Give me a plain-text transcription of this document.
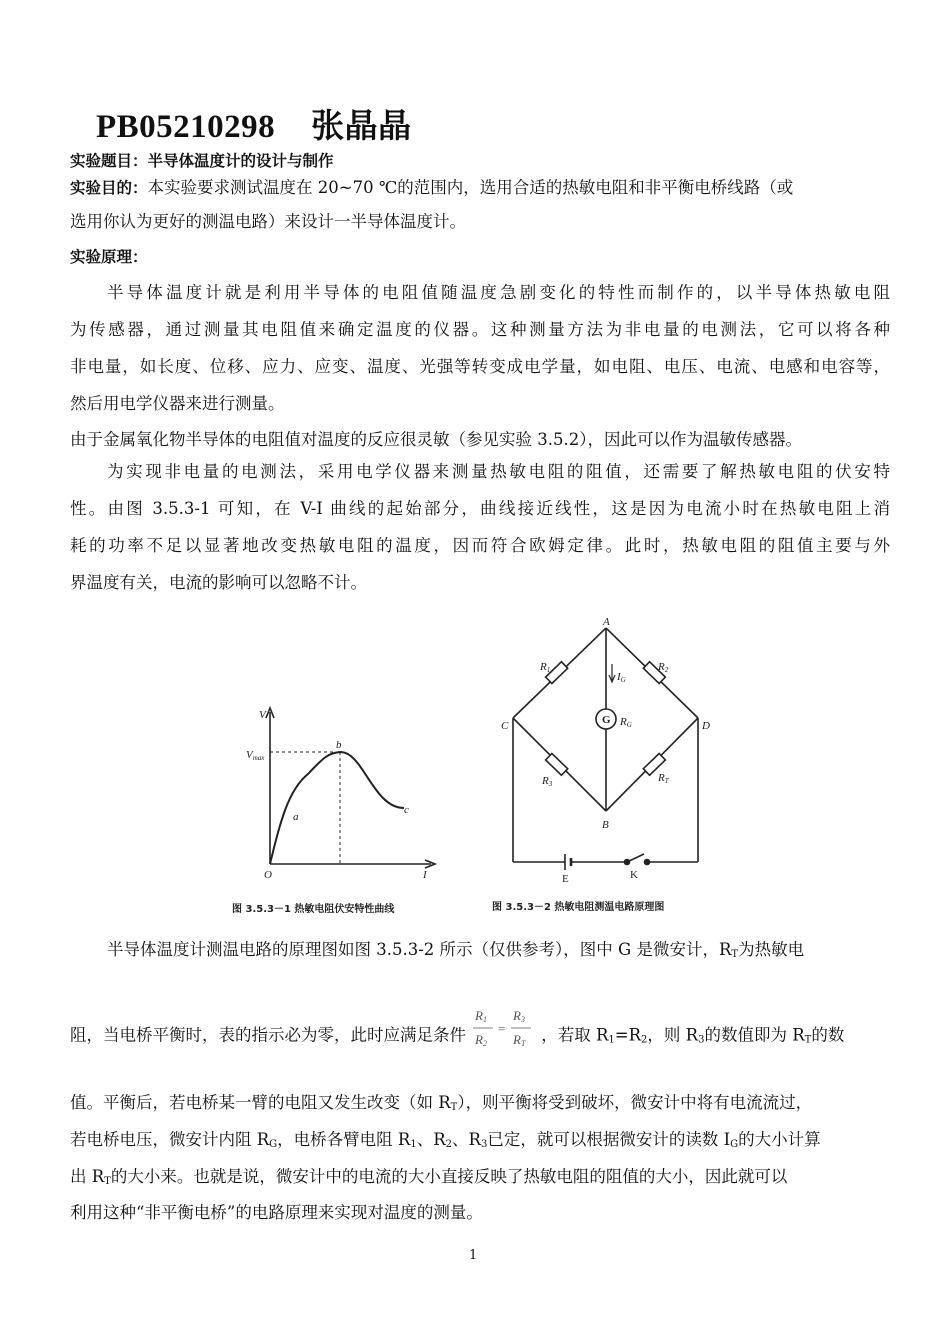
PB05210298 张晶晶
实验题目：半导体温度计的设计与制作
实验目的：本实验要求测试温度在 20~70 ℃的范围内，选用合适的热敏电阻和非平衡电桥线路（或
选用你认为更好的测温电路）来设计一半导体温度计。
实验原理：
半导体温度计就是利用半导体的电阻值随温度急剧变化的特性而制作的，以半导体热敏电阻
为传感器，通过测量其电阻值来确定温度的仪器。这种测量方法为非电量的电测法，它可以将各种
非电量，如长度、位移、应力、应变、温度、光强等转变成电学量，如电阻、电压、电流、电感和电容等，
然后用电学仪器来进行测量。
由于金属氧化物半导体的电阻值对温度的反应很灵敏（参见实验 3.5.2），因此可以作为温敏传感器。
为实现非电量的电测法，采用电学仪器来测量热敏电阻的阻值，还需要了解热敏电阻的伏安特
性。由图 3.5.3-1 可知，在 V-I 曲线的起始部分，曲线接近线性，这是因为电流小时在热敏电阻上消
耗的功率不足以显著地改变热敏电阻的温度，因而符合欧姆定律。此时，热敏电阻的阻值主要与外
界温度有关，电流的影响可以忽略不计。
V
Vmax
a
b
c
O	I
图 3.5.3－1 热敏电阻伏安特性曲线
A
B
C	D
R1	R2
R3	RT
IG
RG
G
E	K
图 3.5.3－2 热敏电阻测温电路原理图
半导体温度计测温电路的原理图如图 3.5.3-2 所示（仅供参考），图中 G 是微安计，$R_T$为热敏电
阻，当电桥平衡时，表的指示必为零，此时应满足条件
R1
R2
=
R3
RT ，若取 $R_1=R_2$，则 $R_3$的数值即为 $R_T$的数
值。平衡后，若电桥某一臂的电阻又发生改变（如 $R_T$），则平衡将受到破坏，微安计中将有电流流过，
若电桥电压，微安计内阻 $R_G$，电桥各臂电阻 $R_1$、$R_2$、$R_3$已定，就可以根据微安计的读数 $I_G$的大小计算
出 $R_T$的大小来。也就是说，微安计中的电流的大小直接反映了热敏电阻的阻值的大小，因此就可以
利用这种“非平衡电桥”的电路原理来实现对温度的测量。
1
